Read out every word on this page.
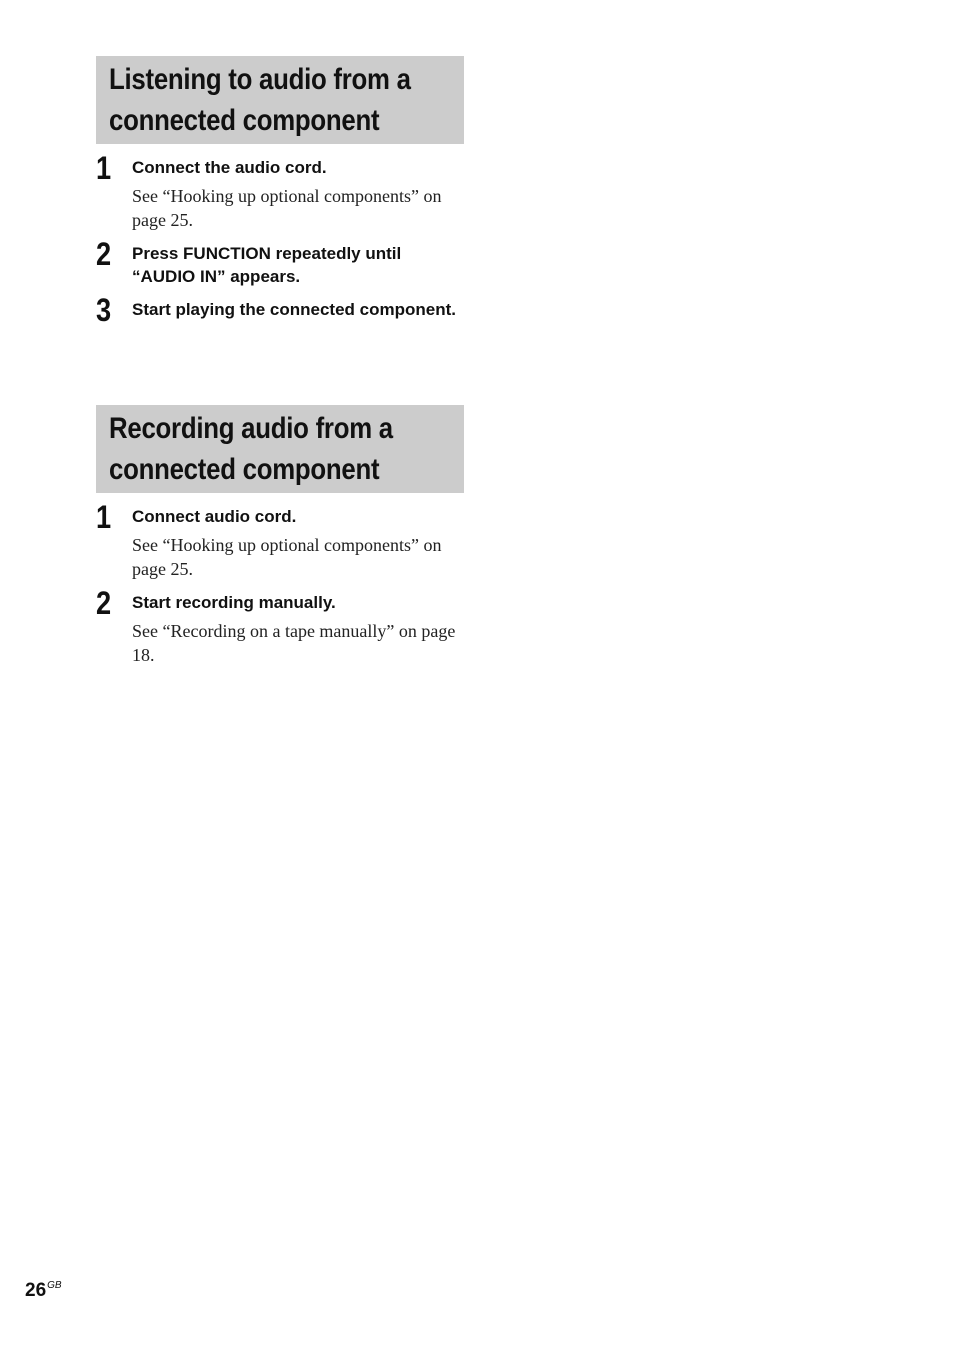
Listening to audio from a
connected component
1 Connect the audio cord.
See “Hooking up optional components” on page 25.
2 Press FUNCTION repeatedly until “AUDIO IN” appears.
3 Start playing the connected component.
Recording audio from a
connected component
1 Connect audio cord.
See “Hooking up optional components” on page 25.
2 Start recording manually.
See “Recording on a tape manually” on page 18.
$26^{GB}$
